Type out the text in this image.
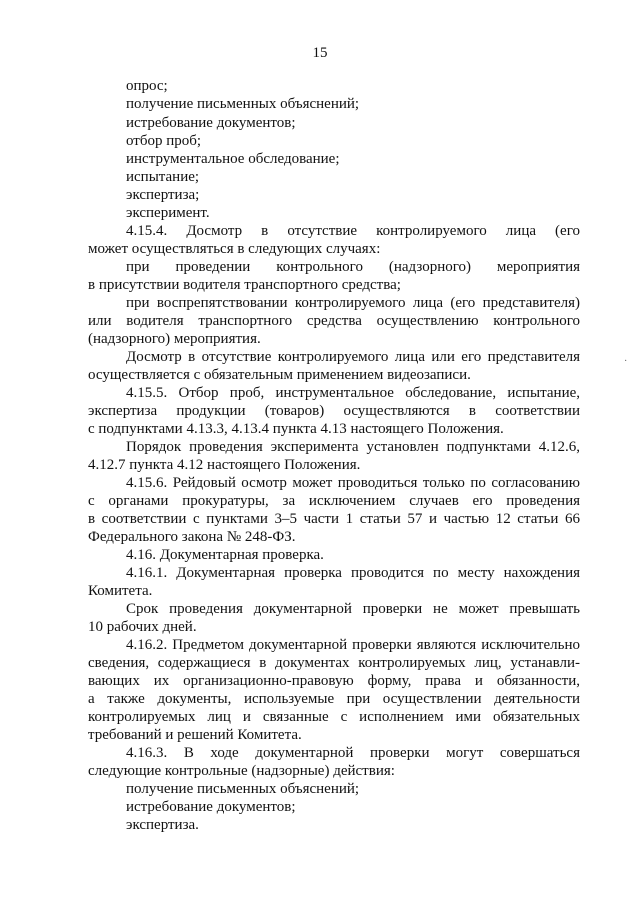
15
опрос;
получение письменных объяснений;
истребование документов;
отбор проб;
инструментальное обследование;
испытание;
экспертиза;
эксперимент.
4.15.4. Досмотр в отсутствие контролируемого лица (его
может осуществляться в следующих случаях:
при проведении контрольного (надзорного) мероприятия
в присутствии водителя транспортного средства;
при воспрепятствовании контролируемого лица (его представителя)
или водителя транспортного средства осуществлению контрольного
(надзорного) мероприятия.
Досмотр в отсутствие контролируемого лица или его представителя
осуществляется с обязательным применением видеозаписи.
4.15.5. Отбор проб, инструментальное обследование, испытание,
экспертиза продукции (товаров) осуществляются в соответствии
с подпунктами 4.13.3, 4.13.4 пункта 4.13 настоящего Положения.
Порядок проведения эксперимента установлен подпунктами 4.12.6,
4.12.7 пункта 4.12 настоящего Положения.
4.15.6. Рейдовый осмотр может проводиться только по согласованию
с органами прокуратуры, за исключением случаев его проведения
в соответствии с пунктами 3–5 части 1 статьи 57 и частью 12 статьи 66
Федерального закона № 248-ФЗ.
4.16. Документарная проверка.
4.16.1. Документарная проверка проводится по месту нахождения
Комитета.
Срок проведения документарной проверки не может превышать
10 рабочих дней.
4.16.2. Предметом документарной проверки являются исключительно
сведения, содержащиеся в документах контролируемых лиц, устанавли-
вающих их организационно-правовую форму, права и обязанности,
а также документы, используемые при осуществлении деятельности
контролируемых лиц и связанные с исполнением ими обязательных
требований и решений Комитета.
4.16.3. В ходе документарной проверки могут совершаться
следующие контрольные (надзорные) действия:
получение письменных объяснений;
истребование документов;
экспертиза.
·
